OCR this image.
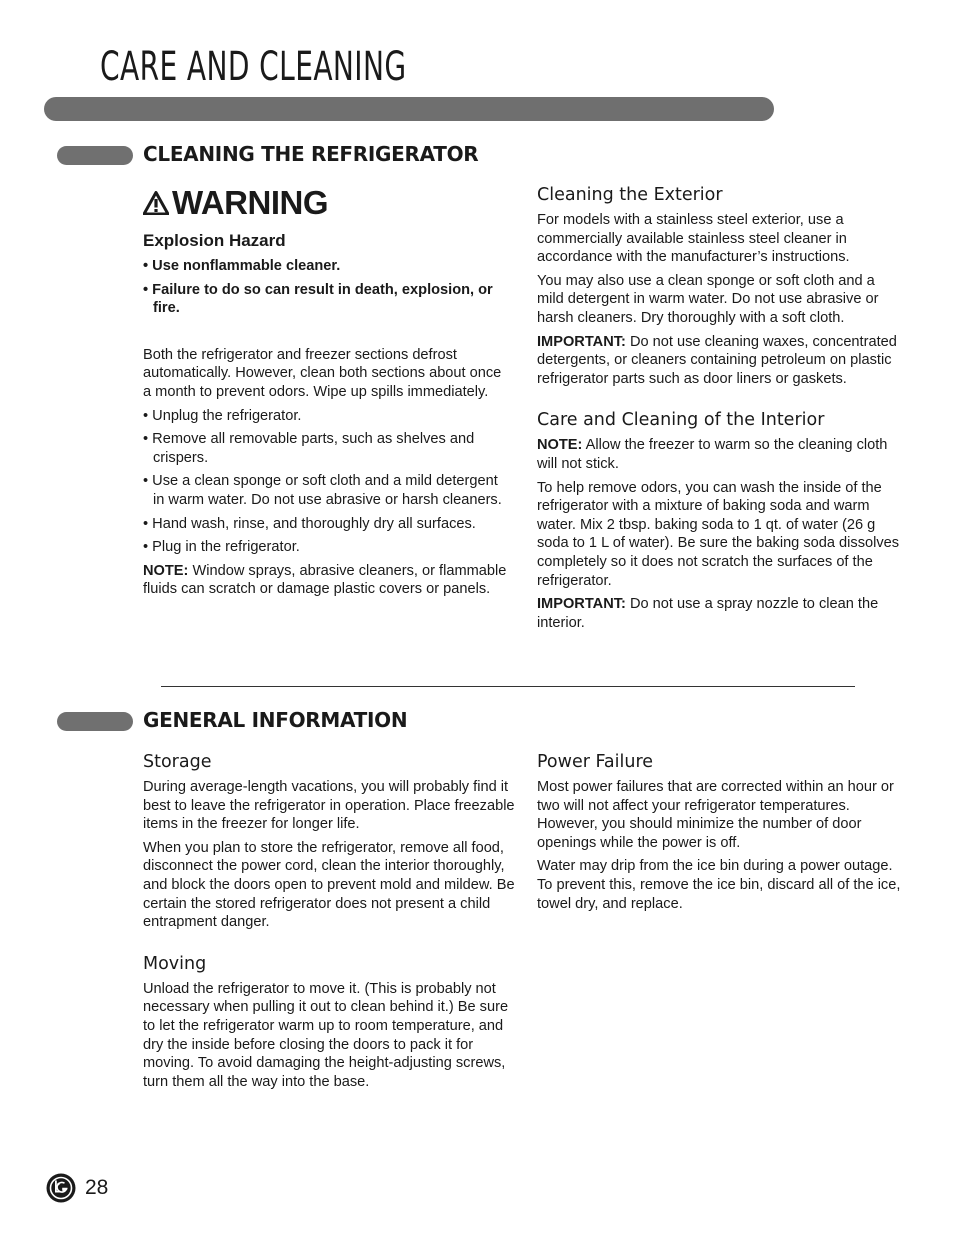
CARE AND CLEANING
CLEANING THE REFRIGERATOR
WARNING

Explosion Hazard

• Use nonflammable cleaner.

• Failure to do so can result in death, explosion, or fire.

Both the refrigerator and freezer sections defrost automatically. However, clean both sections about once a month to prevent odors. Wipe up spills immediately.

• Unplug the refrigerator.

• Remove all removable parts, such as shelves and crispers.

• Use a clean sponge or soft cloth and a mild detergent in warm water. Do not use abrasive or harsh cleaners.

• Hand wash, rinse, and thoroughly dry all surfaces.

• Plug in the refrigerator.

NOTE: Window sprays, abrasive cleaners, or flammable fluids can scratch or damage plastic covers or panels.

Cleaning the Exterior

For models with a stainless steel exterior, use a commercially available stainless steel cleaner in accordance with the manufacturer’s instructions.

You may also use a clean sponge or soft cloth and a mild detergent in warm water. Do not use abrasive or harsh cleaners. Dry thoroughly with a soft cloth.

IMPORTANT: Do not use cleaning waxes, concentrated detergents, or cleaners containing petroleum on plastic refrigerator parts such as door liners or gaskets.

Care and Cleaning of the Interior

NOTE: Allow the freezer to warm so the cleaning cloth will not stick.

To help remove odors, you can wash the inside of the refrigerator with a mixture of baking soda and warm water. Mix 2 tbsp. baking soda to 1 qt. of water (26 g soda to 1 L of water). Be sure the baking soda dissolves completely so it does not scratch the surfaces of the refrigerator.

IMPORTANT: Do not use a spray nozzle to clean the interior.

GENERAL INFORMATION
Storage

During average-length vacations, you will probably find it best to leave the refrigerator in operation. Place freezable items in the freezer for longer life.

When you plan to store the refrigerator, remove all food, disconnect the power cord, clean the interior thoroughly, and block the doors open to prevent mold and mildew. Be certain the stored refrigerator does not present a child entrapment danger.

Moving

Unload the refrigerator to move it. (This is probably not necessary when pulling it out to clean behind it.) Be sure to let the refrigerator warm up to room temperature, and dry the inside before closing the doors to pack it for moving. To avoid damaging the height-adjusting screws, turn them all the way into the base.

Power Failure

Most power failures that are corrected within an hour or two will not affect your refrigerator temperatures. However, you should minimize the number of door openings while the power is off.

Water may drip from the ice bin during a power outage. To prevent this, remove the ice bin, discard all of the ice, towel dry, and replace.

28
